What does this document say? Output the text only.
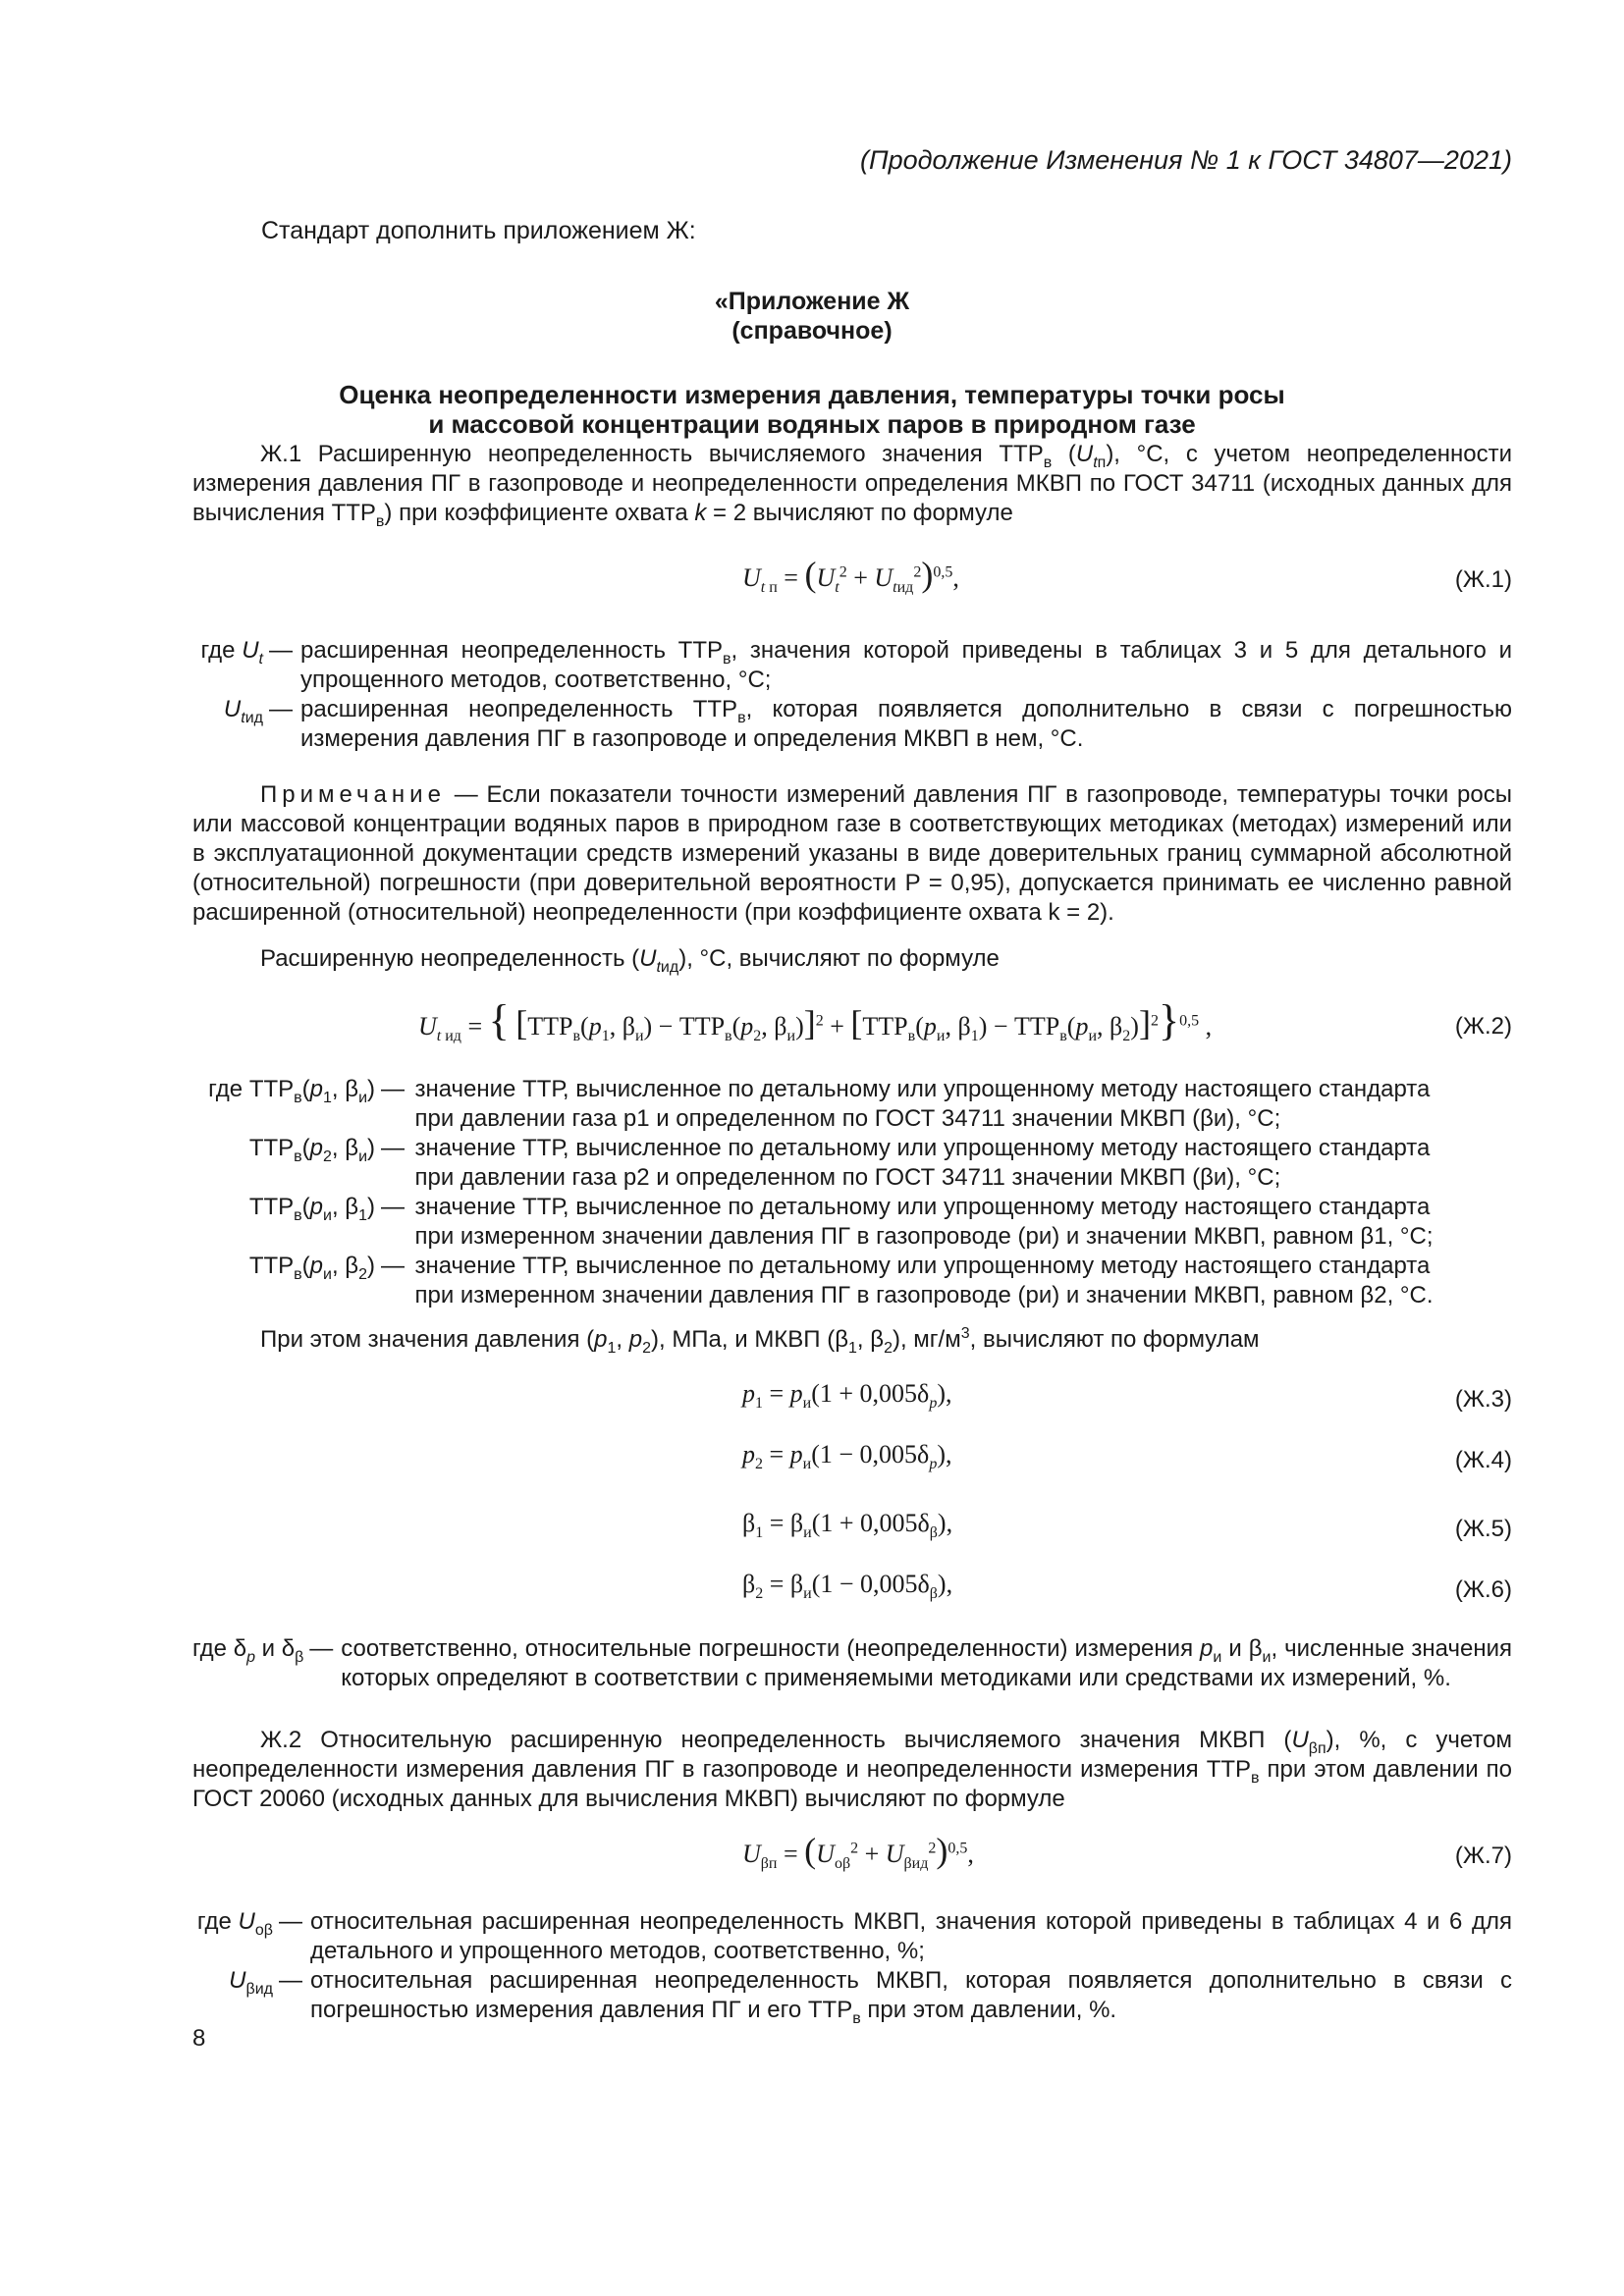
(Продолжение Изменения № 1 к ГОСТ 34807—2021)
Стандарт дополнить приложением Ж:
«Приложение Ж
(справочное)
Оценка неопределенности измерения давления, температуры точки росы
и массовой концентрации водяных паров в природном газе
Ж.1 Расширенную неопределенность вычисляемого значения $ТТР_в$ $(U_{tп})$, °С, с учетом неопределенности измерения давления ПГ в газопроводе и неопределенности определения МКВП по ГОСТ 34711 (исходных данных для вычисления $ТТР_в$) при коэффициенте охвата k = 2 вычисляют по формуле
$U_{t п} = (U_t^2 + U_{tид}^2)^{0,5}$,	(Ж.1)
где $U_t$	—	расширенная неопределенность $ТТР_в$, значения которой приведены в таблицах 3 и 5 для детального и упрощенного методов, соответственно, °С;
$U_{tид}$	—	расширенная неопределенность $ТТР_в$, которая появляется дополнительно в связи с погрешностью измерения давления ПГ в газопроводе и определения МКВП в нем, °С.
Примечание — Если показатели точности измерений давления ПГ в газопроводе, температуры точки росы или массовой концентрации водяных паров в природном газе в соответствующих методиках (методах) измерений или в эксплуатационной документации средств измерений указаны в виде доверительных границ суммарной абсолютной (относительной) погрешности (при доверительной вероятности P = 0,95), допускается принимать ее численно равной расширенной (относительной) неопределенности (при коэффициенте охвата k = 2).
Расширенную неопределенность $(U_{tид})$, °С, вычисляют по формуле
$U_{t ид}$ = { [$ТТР_в(p_1$, $\beta_и) - ТТР_в(p_2$, $\beta_и)]^2 + [ТТР_в(p_и$, $\beta_1) - ТТР_в(p_и$, $\beta_2)]^2\}^{0,5}$ ,	(Ж.2)
где $ТТР_в(p_1$, $\beta_и$)	—	значение ТТР, вычисленное по детальному или упрощенному методу настоящего стандарта
при давлении газа p1 и определенном по ГОСТ 34711 значении МКВП (βи), °С;
$ТТР_в(p_2$, $\beta_и$)	—	значение ТТР, вычисленное по детальному или упрощенному методу настоящего стандарта
при давлении газа p2 и определенном по ГОСТ 34711 значении МКВП (βи), °С;
$ТТР_в(p_и$, $\beta_1$)	—	значение ТТР, вычисленное по детальному или упрощенному методу настоящего стандарта
при измеренном значении давления ПГ в газопроводе (pи) и значении МКВП, равном β1, °С;
$ТТР_в(p_и$, $\beta_2$)	—	значение ТТР, вычисленное по детальному или упрощенному методу настоящего стандарта
при измеренном значении давления ПГ в газопроводе (pи) и значении МКВП, равном β2, °С.
При этом значения давления ($p_1$, $p_2$), МПа, и МКВП ($\beta_1$, $\beta_2$), $мг/м^3$, вычисляют по формулам
$p_1 = p_и(1 + 0,005\delta_p)$,	(Ж.3)
$p_2 = p_и(1 - 0,005\delta_p)$,	(Ж.4)
$\beta_1 = \beta_и(1 + 0,005\delta_\beta)$,	(Ж.5)
$\beta_2 = \beta_и(1 - 0,005\delta_\beta)$,	(Ж.6)
где $\delta_p$ и $\delta_\beta$	—	соответственно, относительные погрешности (неопределенности) измерения $p_и$ и $\beta_и$, численные значения которых определяют в соответствии с применяемыми методиками или средствами их измерений, %.
Ж.2 Относительную расширенную неопределенность вычисляемого значения МКВП $(U_{\beta п})$, %, с учетом неопределенности измерения давления ПГ в газопроводе и неопределенности измерения $ТТР_в$ при этом давлении по ГОСТ 20060 (исходных данных для вычисления МКВП) вычисляют по формуле
$U_{\beta п} = (U_{о\beta}^2 + U_{\beta ид}^2)^{0,5}$,	(Ж.7)
где $U_{о\beta}$	—	относительная расширенная неопределенность МКВП, значения которой приведены в таблицах 4 и 6 для детального и упрощенного методов, соответственно, %;
$U_{\beta ид}$	—	относительная расширенная неопределенность МКВП, которая появляется дополнительно в связи с погрешностью измерения давления ПГ и его $ТТР_в$ при этом давлении, %.
8
